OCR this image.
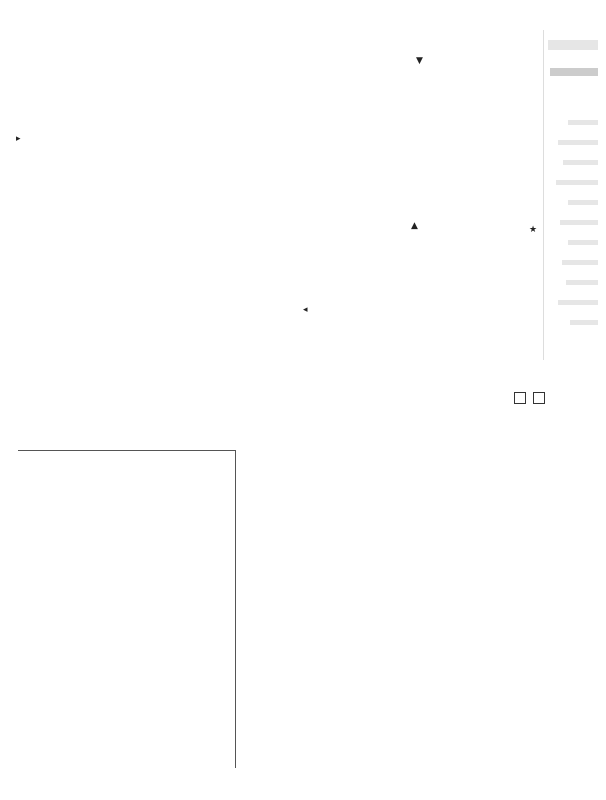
▸
▼
▲	★
◂
